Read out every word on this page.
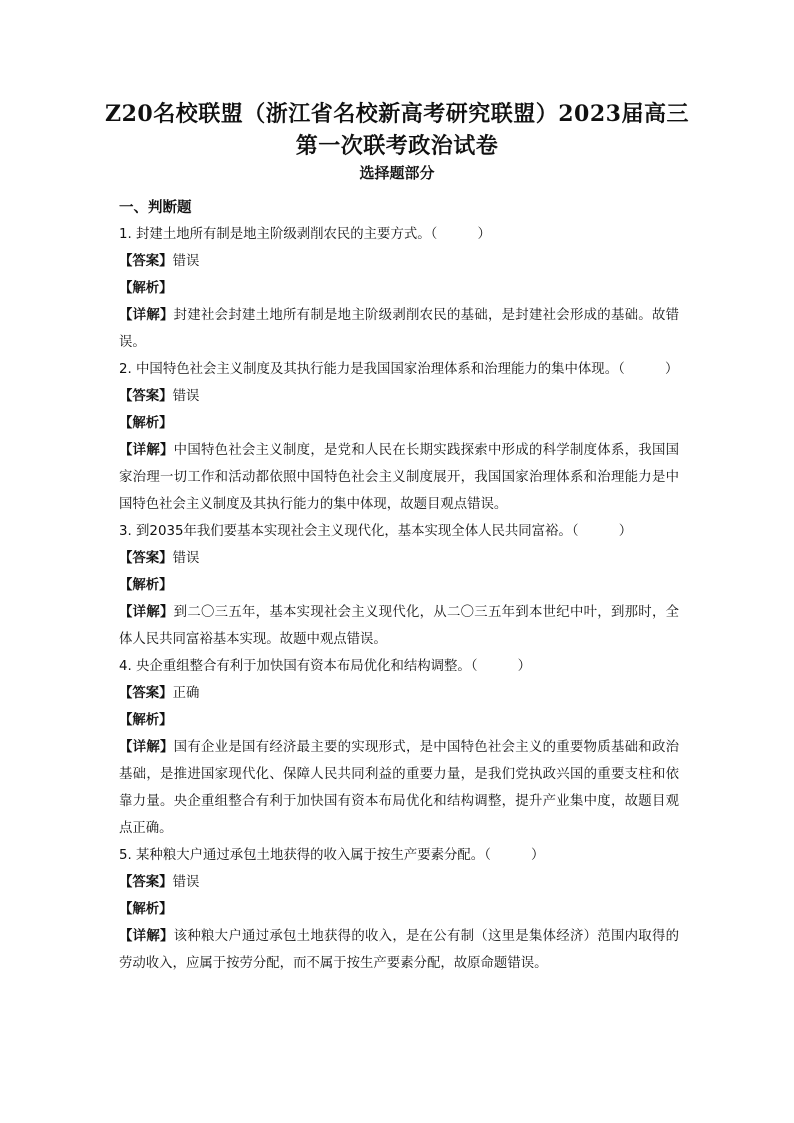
Z20名校联盟（浙江省名校新高考研究联盟）2023届高三
第一次联考政治试卷
选择题部分
一、判断题
1. 封建土地所有制是地主阶级剥削农民的主要方式。（　　　）
【答案】错误
【解析】
【详解】封建社会封建土地所有制是地主阶级剥削农民的基础，是封建社会形成的基础。故错误。
2. 中国特色社会主义制度及其执行能力是我国国家治理体系和治理能力的集中体现。（　　　）
【答案】错误
【解析】
【详解】中国特色社会主义制度，是党和人民在长期实践探索中形成的科学制度体系，我国国家治理一切工作和活动都依照中国特色社会主义制度展开，我国国家治理体系和治理能力是中国特色社会主义制度及其执行能力的集中体现，故题目观点错误。
3. 到2035年我们要基本实现社会主义现代化，基本实现全体人民共同富裕。（　　　）
【答案】错误
【解析】
【详解】到二〇三五年，基本实现社会主义现代化，从二〇三五年到本世纪中叶，到那时，全体人民共同富裕基本实现。故题中观点错误。
4. 央企重组整合有利于加快国有资本布局优化和结构调整。（　　　）
【答案】正确
【解析】
【详解】国有企业是国有经济最主要的实现形式，是中国特色社会主义的重要物质基础和政治基础，是推进国家现代化、保障人民共同利益的重要力量，是我们党执政兴国的重要支柱和依靠力量。央企重组整合有利于加快国有资本布局优化和结构调整，提升产业集中度，故题目观点正确。
5. 某种粮大户通过承包土地获得的收入属于按生产要素分配。（　　　）
【答案】错误
【解析】
【详解】该种粮大户通过承包土地获得的收入，是在公有制（这里是集体经济）范围内取得的劳动收入，应属于按劳分配，而不属于按生产要素分配，故原命题错误。
